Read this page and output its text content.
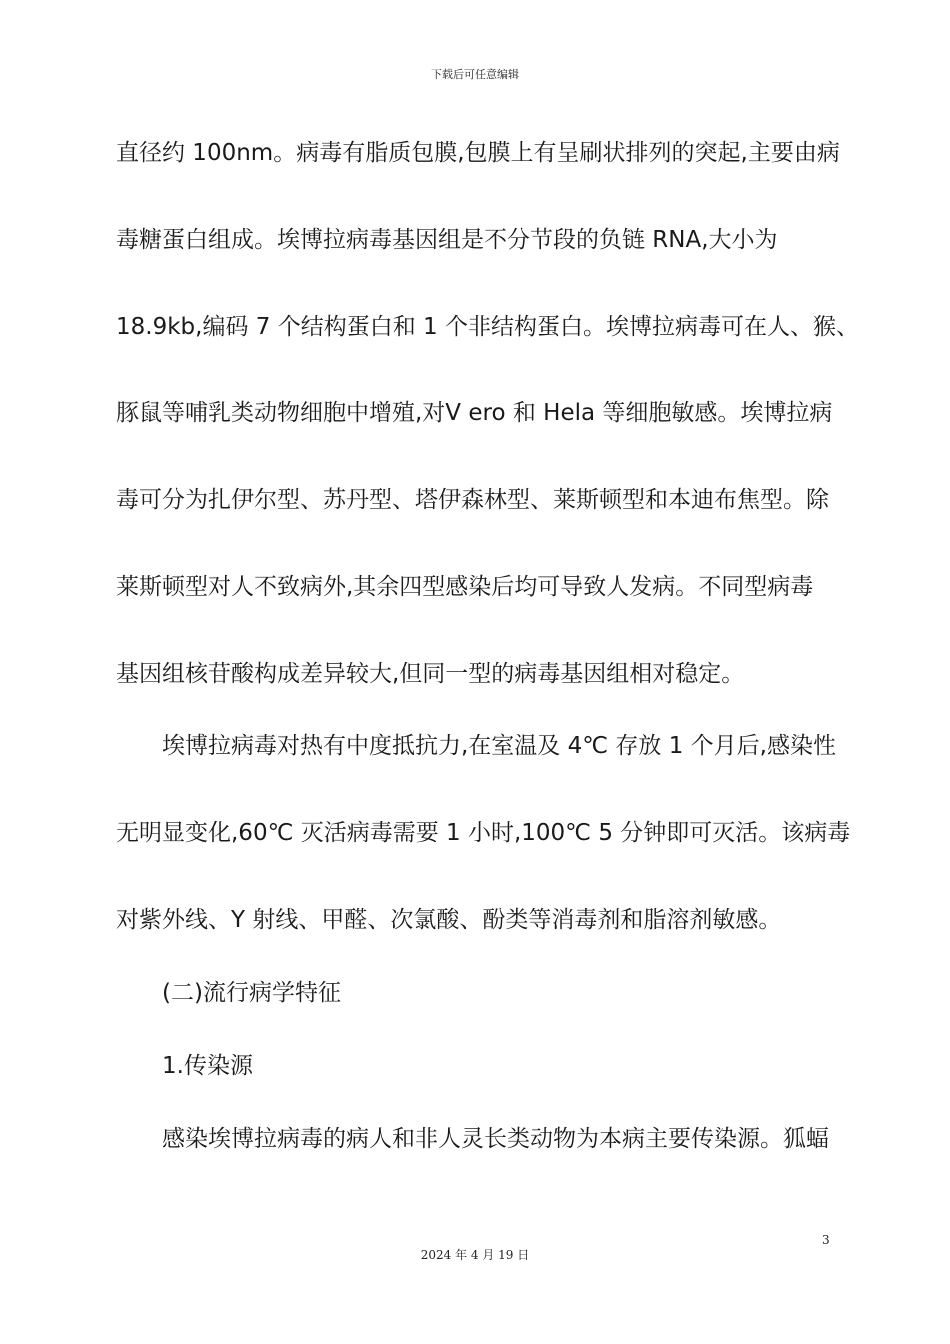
下载后可任意编辑
直径约 100nm。病毒有脂质包膜,包膜上有呈刷状排列的突起,主要由病
毒糖蛋白组成。埃博拉病毒基因组是不分节段的负链 RNA,大小为
18.9kb,编码 7 个结构蛋白和 1 个非结构蛋白。埃博拉病毒可在人、猴、
豚鼠等哺乳类动物细胞中增殖,对Ⅴ ero 和 Hela 等细胞敏感。埃博拉病
毒可分为扎伊尔型、苏丹型、塔伊森林型、莱斯顿型和本迪布焦型。除
莱斯顿型对人不致病外,其余四型感染后均可导致人发病。不同型病毒
基因组核苷酸构成差异较大,但同一型的病毒基因组相对稳定。
埃博拉病毒对热有中度抵抗力,在室温及 4℃ 存放 1 个月后,感染性
无明显变化,60℃ 灭活病毒需要 1 小时,100℃ 5 分钟即可灭活。该病毒
对紫外线、Υ 射线、甲醛、次氯酸、酚类等消毒剂和脂溶剂敏感。
(二)流行病学特征
1.传染源
感染埃博拉病毒的病人和非人灵长类动物为本病主要传染源。狐蝠
3
2024 年 4 月 19 日
